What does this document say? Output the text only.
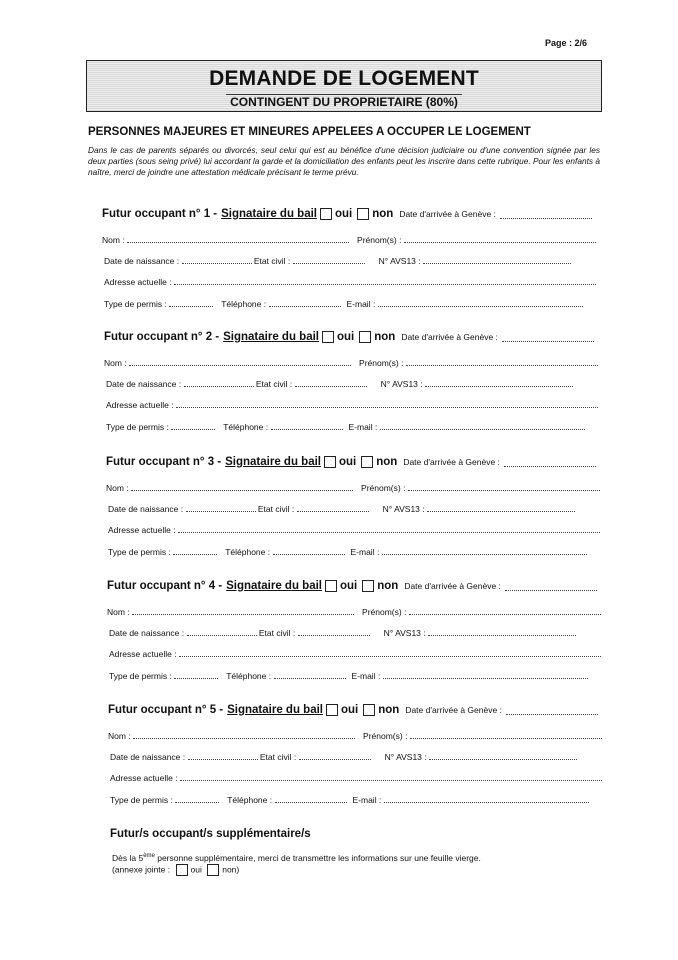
Page : 2/6
DEMANDE DE LOGEMENT
CONTINGENT DU PROPRIETAIRE (80%)
PERSONNES MAJEURES ET MINEURES APPELEES A OCCUPER LE LOGEMENT
Dans le cas de parents séparés ou divorcés, seul celui qui est au bénéfice d'une décision judiciaire ou d'une convention signée par les deux parties (sous seing privé) lui accordant la garde et la domiciliation des enfants peut les inscrire dans cette rubrique. Pour les enfants à naître, merci de joindre une attestation médicale précisant le terme prévu.
Futur occupant n° 1 - Signataire du bail oui non Date d'arrivée à Genève :
Nom :	Prénom(s) :
Date de naissance :	Etat civil :	N° AVS13 :
Adresse actuelle :
Type de permis :	Téléphone :	E-mail :
Futur occupant n° 2 - Signataire du bail oui non Date d'arrivée à Genève :
Nom :	Prénom(s) :
Date de naissance :	Etat civil :	N° AVS13 :
Adresse actuelle :
Type de permis :	Téléphone :	E-mail :
Futur occupant n° 3 - Signataire du bail oui non Date d'arrivée à Genève :
Nom :	Prénom(s) :
Date de naissance :	Etat civil :	N° AVS13 :
Adresse actuelle :
Type de permis :	Téléphone :	E-mail :
Futur occupant n° 4 - Signataire du bail oui non Date d'arrivée à Genève :
Nom :	Prénom(s) :
Date de naissance :	Etat civil :	N° AVS13 :
Adresse actuelle :
Type de permis :	Téléphone :	E-mail :
Futur occupant n° 5 - Signataire du bail oui non Date d'arrivée à Genève :
Nom :	Prénom(s) :
Date de naissance :	Etat civil :	N° AVS13 :
Adresse actuelle :
Type de permis :	Téléphone :	E-mail :
Futur/s occupant/s supplémentaire/s
Dès la 5ème personne supplémentaire, merci de transmettre les informations sur une feuille vierge.
(annexe jointe : oui non)
